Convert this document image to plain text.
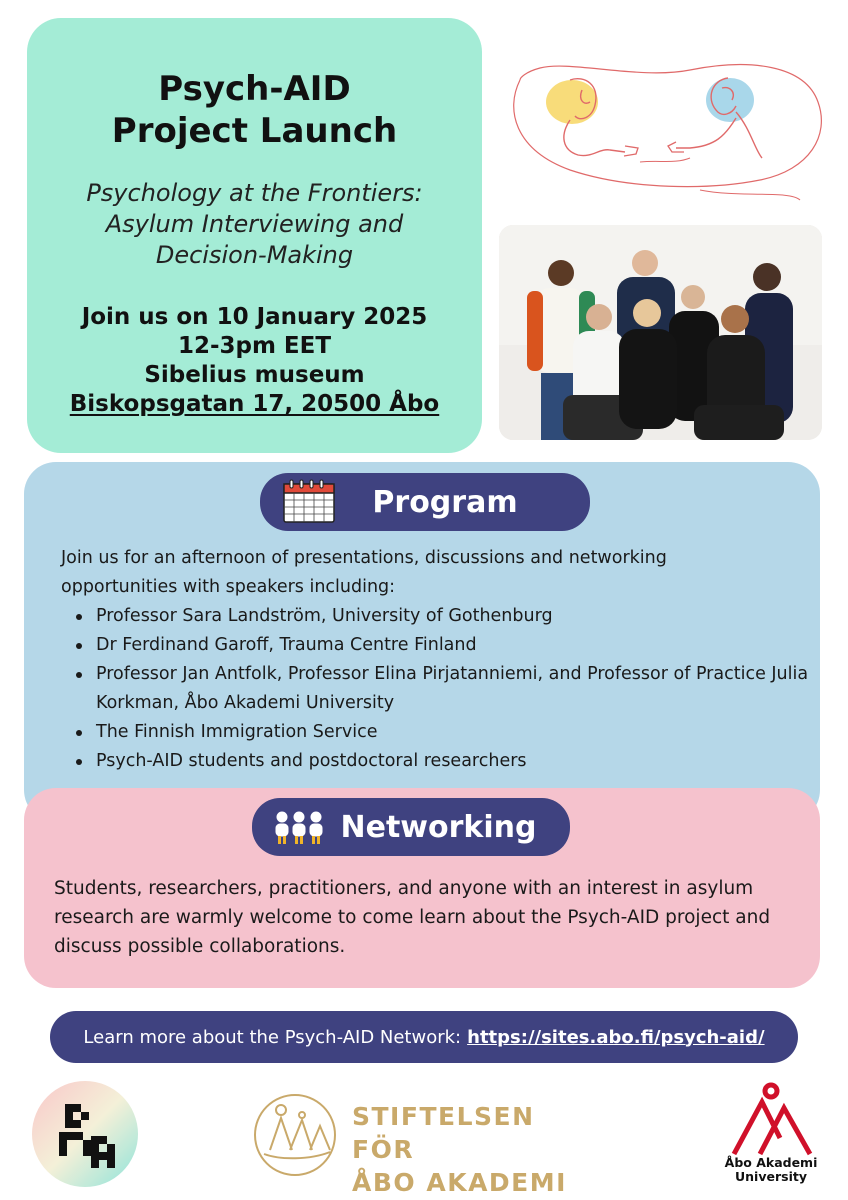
Psych-AID
Project Launch
Psychology at the Frontiers:
Asylum Interviewing and
Decision-Making
Join us on 10 January 2025
12-3pm EET
Sibelius museum
Biskopsgatan 17, 20500 Åbo
Program
Join us for an afternoon of presentations, discussions and networking opportunities with speakers including:
Professor Sara Landström, University of Gothenburg
Dr Ferdinand Garoff, Trauma Centre Finland
Professor Jan Antfolk, Professor Elina Pirjatanniemi, and Professor of Practice Julia Korkman, Åbo Akademi University
The Finnish Immigration Service
Psych-AID students and postdoctoral researchers
Networking
Students, researchers, practitioners, and anyone with an interest in asylum research are warmly welcome to come learn about the Psych-AID project and discuss possible collaborations.
Learn more about the Psych-AID Network: https://sites.abo.fi/psych-aid/
STIFTELSEN FÖR
ÅBO AKADEMI
Åbo Akademi
University
